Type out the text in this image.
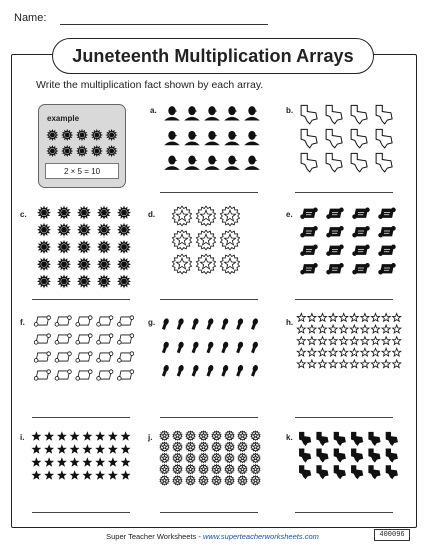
Name:
Juneteenth Multiplication Arrays
Write the multiplication fact shown by each array.
example
2 × 5 = 10
a.	b.
c.	d.	e.
f.	g.	h.
i.	j.	k.
Super Teacher Worksheets - www.superteacherworksheets.com	400096
